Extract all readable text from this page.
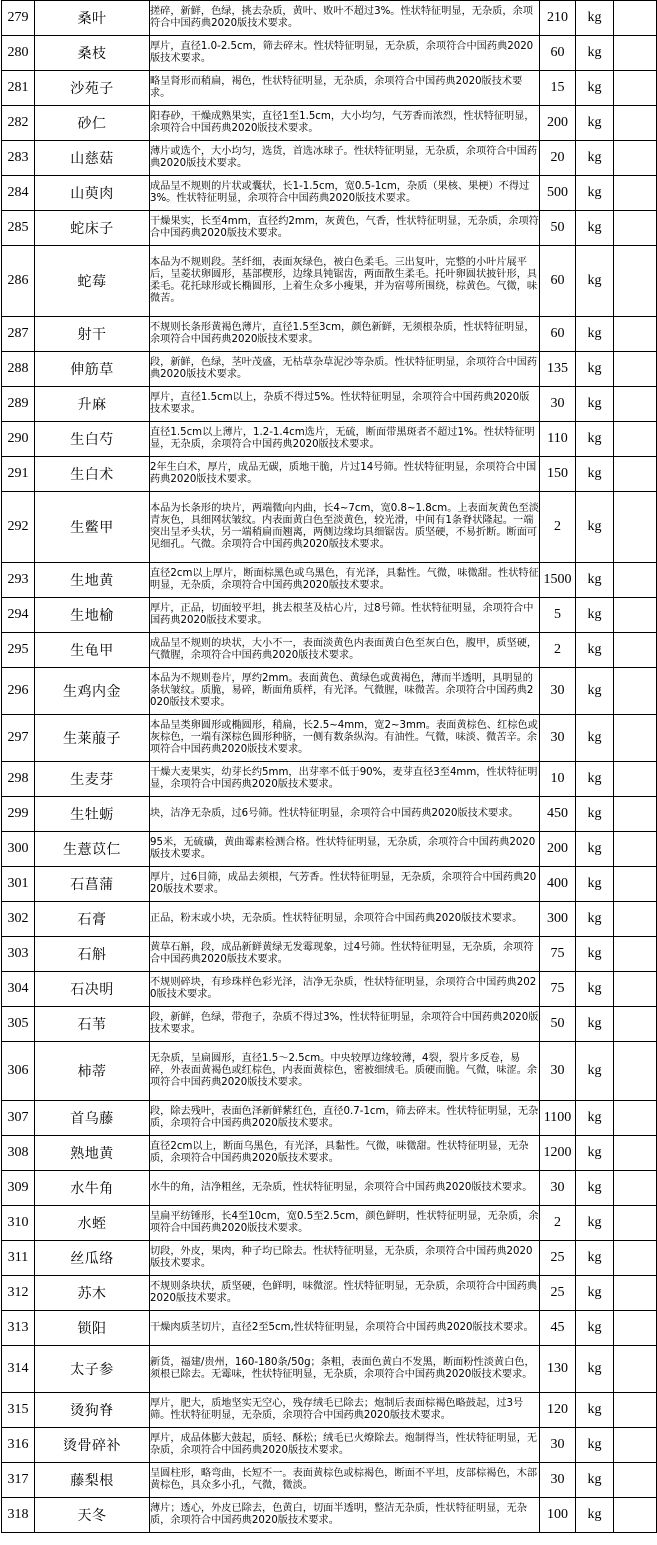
279	桑叶	搓碎，新鲜，色绿，挑去杂质，黄叶、败叶不超过3%。性状特征明显，无杂质，余项符合中国药典2020版技术要求。	210	kg	
280	桑枝	厚片，直径1.0-2.5cm，筛去碎末。性状特征明显，无杂质，余项符合中国药典2020版技术要求。	60	kg	
281	沙苑子	略呈肾形而稍扁，褐色，性状特征明显，无杂质，余项符合中国药典2020版技术要求。	15	kg	
282	砂仁	阳春砂，干燥成熟果实，直径1至1.5cm，大小均匀，气芳香而浓烈，性状特征明显，余项符合中国药典2020版技术要求。	200	kg	
283	山慈菇	薄片或选个，大小均匀，选货，首选冰球子。性状特征明显，无杂质，余项符合中国药典2020版技术要求。	20	kg	
284	山萸肉	成品呈不规则的片状或囊状，长1-1.5cm，宽0.5-1cm，杂质（果核、果梗）不得过3%。性状特征明显，余项符合中国药典2020版技术要求。	500	kg	
285	蛇床子	干燥果实，长至4mm，直径约2mm，灰黄色，气香，性状特征明显，无杂质，余项符合中国药典2020版技术要求。	50	kg	
286	蛇莓	本品为不规则段。茎纤细，表面灰绿色，被白色柔毛。三出复叶，完整的小叶片展平后，呈菱状卵圆形，基部楔形，边缘具钝锯齿，两面散生柔毛。托叶卵圆状披针形，具柔毛。花托球形或长椭圆形，上着生众多小瘦果，并为宿萼所围绕，棕黄色。气微，味微苦。	60	kg	
287	射干	不规则长条形黄褐色薄片，直径1.5至3cm，颜色新鲜，无须根杂质，性状特征明显，余项符合中国药典2020版技术要求。	60	kg	
288	伸筋草	段，新鲜，色绿，茎叶茂盛，无枯草杂草泥沙等杂质。性状特征明显，余项符合中国药典2020版技术要求。	135	kg	
289	升麻	厚片，直径1.5cm以上，杂质不得过5%。性状特征明显，余项符合中国药典2020版技术要求。	30	kg	
290	生白芍	直径1.5cm以上薄片，1.2-1.4cm选片，无硫，断面带黑斑者不超过1%。性状特征明显，无杂质，余项符合中国药典2020版技术要求。	110	kg	
291	生白术	2年生白术，厚片，成品无碳，质地干脆，片过14号筛。性状特征明显，余项符合中国药典2020版技术要求。	150	kg	
292	生鳖甲	本品为长条形的块片，两端微向内曲，长4~7cm，宽0.8~1.8cm。上表面灰黄色至淡青灰色，具细网状皱纹。内表面黄白色至淡黄色，较光滑，中间有1条脊状隆起。一端突出呈矛头状，另一端稍扁而翘离，两侧边缘均具细锯齿。质坚硬，不易折断。断面可见细孔。气微。余项符合中国药典2020版技术要求。	2	kg	
293	生地黄	直径2cm以上厚片，断面棕黑色或乌黑色，有光泽，具黏性。气微，味微甜。性状特征明显，无杂质，余项符合中国药典2020版技术要求。	1500	kg	
294	生地榆	厚片，正品，切面较平坦，挑去根茎及枯心片，过8号筛。性状特征明显，余项符合中国药典2020版技术要求。	5	kg	
295	生龟甲	成品呈不规则的块状，大小不一，表面淡黄色内表面黄白色至灰白色，腹甲，质坚硬，气微腥，余项符合中国药典2020版技术要求。	2	kg	
296	生鸡内金	本品为不规则卷片，厚约2mm。表面黄色、黄绿色或黄褐色，薄而半透明，具明显的条状皱纹。质脆，易碎，断面角质样，有光泽。气微腥，味微苦。余项符合中国药典2020版技术要求。	30	kg	
297	生莱菔子	本品呈类卵圆形或椭圆形，稍扁，长2.5~4mm，宽2~3mm。表面黄棕色、红棕色或灰棕色，一端有深棕色圆形种脐，一侧有数条纵沟。有油性。气微，味淡、微苦辛。余项符合中国药典2020版技术要求。	30	kg	
298	生麦芽	干燥大麦果实，幼芽长约5mm，出芽率不低于90%，麦芽直径3至4mm，性状特征明显，余项符合中国药典2020版技术要求。	10	kg	
299	生牡蛎	块，洁净无杂质，过6号筛。性状特征明显，余项符合中国药典2020版技术要求。	450	kg	
300	生薏苡仁	95米，无硫磺，黄曲霉素检测合格。性状特征明显，无杂质，余项符合中国药典2020版技术要求。	200	kg	
301	石菖蒲	厚片，过6目筛，成品去须根，气芳香。性状特征明显，无杂质，余项符合中国药典2020版技术要求。	400	kg	
302	石膏	正品，粉末或小块，无杂质。性状特征明显，余项符合中国药典2020版技术要求。	300	kg	
303	石斛	黄草石斛，段，成品新鲜黄绿无发霉现象，过4号筛。性状特征明显，无杂质，余项符合中国药典2020版技术要求。	75	kg	
304	石决明	不规则碎块，有珍珠样色彩光泽，洁净无杂质，性状特征明显，余项符合中国药典2020版技术要求。	75	kg	
305	石苇	段，新鲜，色绿，带孢子，杂质不得过3%，性状特征明显，余项符合中国药典2020版技术要求。	50	kg	
306	柿蒂	无杂质，呈扁圆形，直径1.5～2.5cm。中央较厚边缘较薄，4裂，裂片多反卷，易碎，外表面黄褐色或红棕色，内表面黄棕色，密被细绒毛。质硬而脆。气微，味涩。余项符合中国药典2020版技术要求。	30	kg	
307	首乌藤	段，除去残叶，表面色泽新鲜紫红色，直径0.7-1cm，筛去碎末。性状特征明显，无杂质，余项符合中国药典2020版技术要求。	1100	kg	
308	熟地黄	直径2cm以上，断面乌黑色，有光泽，具黏性。气微，味微甜。性状特征明显，无杂质，余项符合中国药典2020版技术要求。	1200	kg	
309	水牛角	水牛的角，洁净粗丝，无杂质，性状特征明显，余项符合中国药典2020版技术要求。	30	kg	
310	水蛭	呈扁平纺锤形，长4至10cm，宽0.5至2.5cm，颜色鲜明，性状特征明显，无杂质，余项符合中国药典2020版技术要求。	2	kg	
311	丝瓜络	切段，外皮，果肉，种子均已除去。性状特征明显，无杂质，余项符合中国药典2020版技术要求。	25	kg	
312	苏木	不规则条块状，质坚硬，色鲜明，味微涩。性状特征明显，无杂质，余项符合中国药典2020版技术要求。	25	kg	
313	锁阳	干燥肉质茎切片，直径2至5cm,性状特征明显，余项符合中国药典2020版技术要求。	45	kg	
314	太子参	新货，福建/贵州，160-180条/50g；条粗，表面色黄白不发黑，断面粉性淡黄白色，须根已除去。无霉味，性状特征明显，无杂质，余项符合中国药典2020版技术要求。	130	kg	
315	烫狗脊	厚片，肥大，质地坚实无空心，残存绒毛已除去；炮制后表面棕褐色略鼓起，过3号筛。性状特征明显，无杂质，余项符合中国药典2020版技术要求。	120	kg	
316	烫骨碎补	厚片，成品体膨大鼓起，质轻、酥松；绒毛已火燎除去。炮制得当，性状特征明显，无杂质，余项符合中国药典2020版技术要求。	30	kg	
317	藤梨根	呈圆柱形，略弯曲，长短不一。表面黄棕色或棕褐色，断面不平坦，皮部棕褐色，木部黄棕色，具众多小孔，气微，微淡。	30	kg	
318	天冬	薄片；透心，外皮已除去，色黄白，切面半透明，整洁无杂质，性状特征明显，无杂质，余项符合中国药典2020版技术要求。	100	kg	
